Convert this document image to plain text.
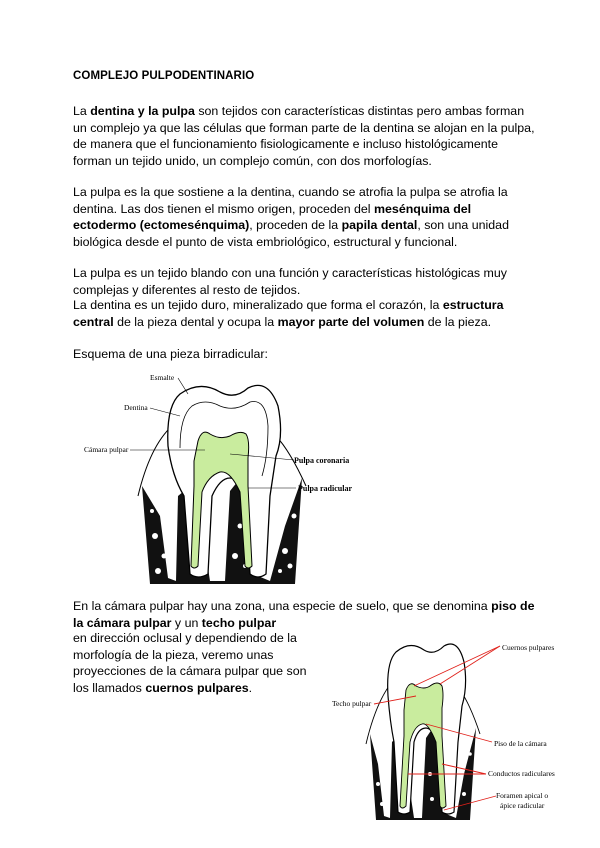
COMPLEJO PULPODENTINARIO

La dentina y la pulpa son tejidos con características distintas pero ambas forman un complejo ya que las células que forman parte de la dentina se alojan en la pulpa, de manera que el funcionamiento fisiologicamente e incluso histológicamente forman un tejido unido, un complejo común, con dos morfologías.

La pulpa es la que sostiene a la dentina, cuando se atrofia la pulpa se atrofia la dentina. Las dos tienen el mismo origen, proceden del mesénquima del ectodermo (ectomesénquima), proceden de la papila dental, son una unidad biológica desde el punto de vista embriológico, estructural y funcional.

La pulpa es un tejido blando con una función y características histológicas muy complejas y diferentes al resto de tejidos.

La dentina es un tejido duro, mineralizado que forma el corazón, la estructura central de la pieza dental y ocupa la mayor parte del volumen de la pieza.

Esquema de una pieza birradicular:

Esmalte
Dentina
Cámara pulpar
Pulpa coronaria
Pulpa radicular

En la cámara pulpar hay una zona, una especie de suelo, que se denomina piso de la cámara pulpar y un techo pulpar

en dirección oclusal y dependiendo de la morfología de la pieza, veremo unas proyecciones de la cámara pulpar que son los llamados cuernos pulpares.

Cuernos pulpares
Techo pulpar
Piso de la cámara
Conductos radiculares
Foramen apical o
ápice radicular
